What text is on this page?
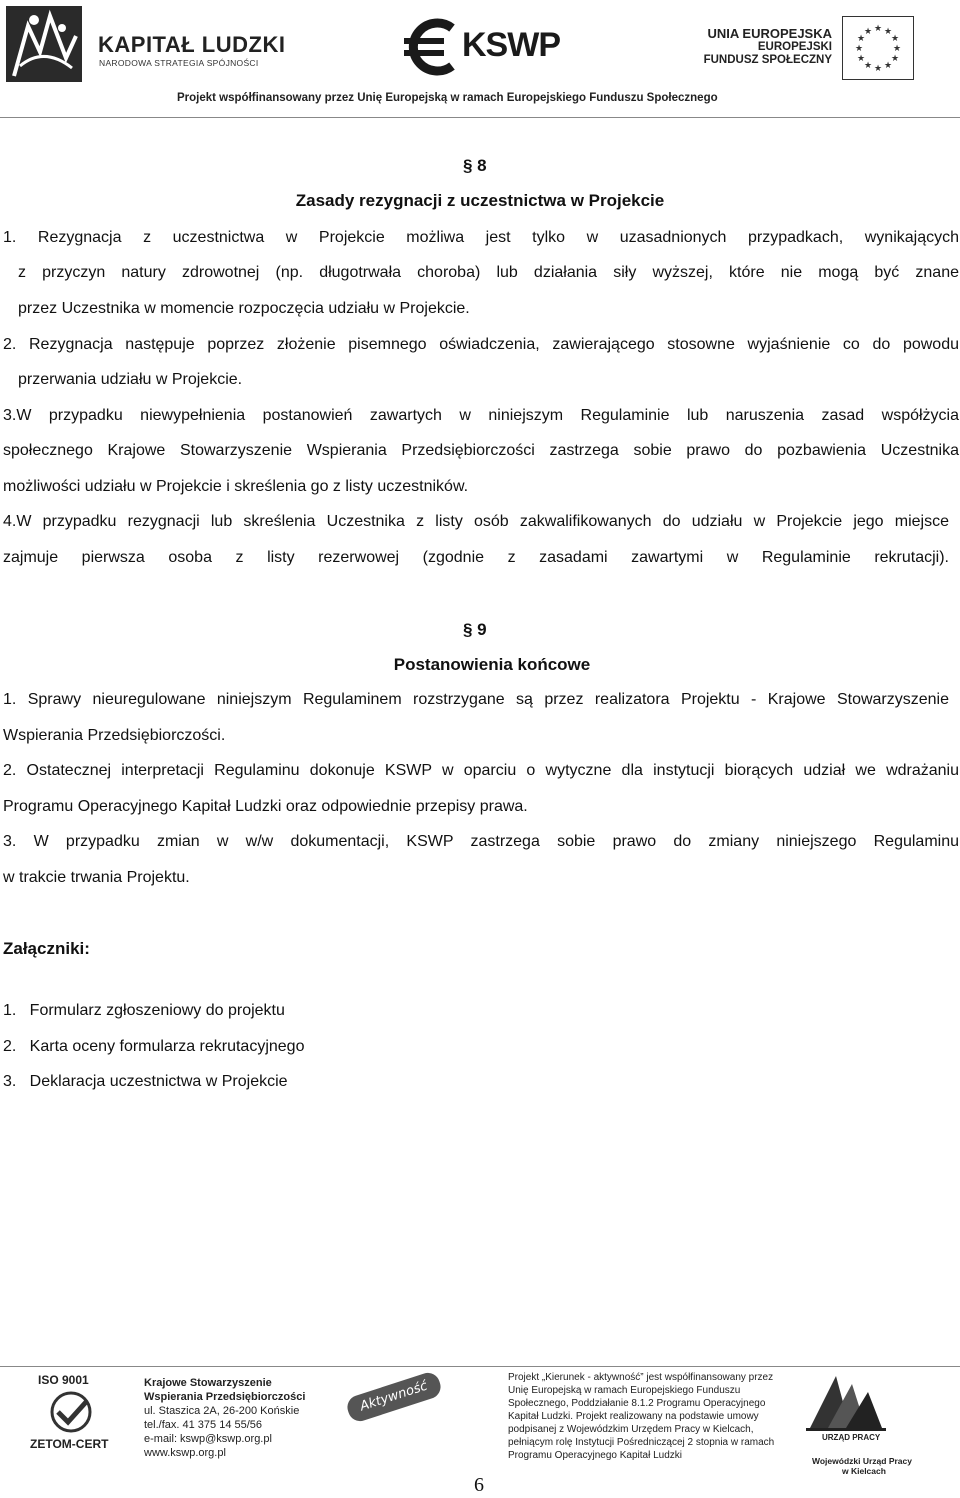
KAPITAŁ LUDZKI
NARODOWA STRATEGIA SPÓJNOŚCI	KSWP	UNIA EUROPEJSKA
EUROPEJSKI
FUNDUSZ SPOŁECZNY
★ ★
★
★
★
★
★
★
★
★
★
★
Projekt współfinansowany przez Unię Europejską w ramach Europejskiego Funduszu Społecznego
§ 8
Zasady rezygnacji z uczestnictwa w Projekcie
1. Rezygnacja z uczestnictwa w Projekcie możliwa jest tylko w uzasadnionych przypadkach, wynikających
z przyczyn natury zdrowotnej (np. długotrwała choroba) lub działania siły wyższej, które nie mogą być znane
przez Uczestnika w momencie rozpoczęcia udziału w Projekcie.
2. Rezygnacja następuje poprzez złożenie pisemnego oświadczenia, zawierającego stosowne wyjaśnienie co do powodu
przerwania udziału w Projekcie.
3.W przypadku niewypełnienia postanowień zawartych w niniejszym Regulaminie lub naruszenia zasad współżycia
społecznego Krajowe Stowarzyszenie Wspierania Przedsiębiorczości zastrzega sobie prawo do pozbawienia Uczestnika
możliwości udziału w Projekcie i skreślenia go z listy uczestników.
4.W przypadku rezygnacji lub skreślenia Uczestnika z listy osób zakwalifikowanych do udziału w Projekcie jego miejsce
zajmuje pierwsza osoba z listy rezerwowej (zgodnie z zasadami zawartymi w Regulaminie rekrutacji).
§ 9
Postanowienia końcowe
1. Sprawy nieuregulowane niniejszym Regulaminem rozstrzygane są przez realizatora Projektu - Krajowe Stowarzyszenie
Wspierania Przedsiębiorczości.
2. Ostatecznej interpretacji Regulaminu dokonuje KSWP w oparciu o wytyczne dla instytucji biorących udział we wdrażaniu
Programu Operacyjnego Kapitał Ludzki oraz odpowiednie przepisy prawa.
3. W przypadku zmian w w/w dokumentacji, KSWP zastrzega sobie prawo do zmiany niniejszego Regulaminu
w trakcie trwania Projektu.
Załączniki:
1.   Formularz zgłoszeniowy do projektu
2.   Karta oceny formularza rekrutacyjnego
3.   Deklaracja uczestnictwa w Projekcie
ISO 9001
ZETOM-CERT
Krajowe Stowarzyszenie
Wspierania Przedsiębiorczości
ul. Staszica 2A, 26-200 Końskie
tel./fax. 41 375 14 55/56
e-mail: kswp@kswp.org.pl
www.kswp.org.pl
Aktywność
Projekt „Kierunek - aktywność” jest współfinansowany przez
Unię Europejską w ramach Europejskiego Funduszu
Społecznego, Poddziałanie 8.1.2 Programu Operacyjnego
Kapitał Ludzki. Projekt realizowany na podstawie umowy
podpisanej z Wojewódzkim Urzędem Pracy w Kielcach,
pełniącym rolę Instytucji Pośredniczącej 2 stopnia w ramach
Programu Operacyjnego Kapitał Ludzki
URZĄD PRACY
Wojewódzki Urząd Pracy
w Kielcach
6
